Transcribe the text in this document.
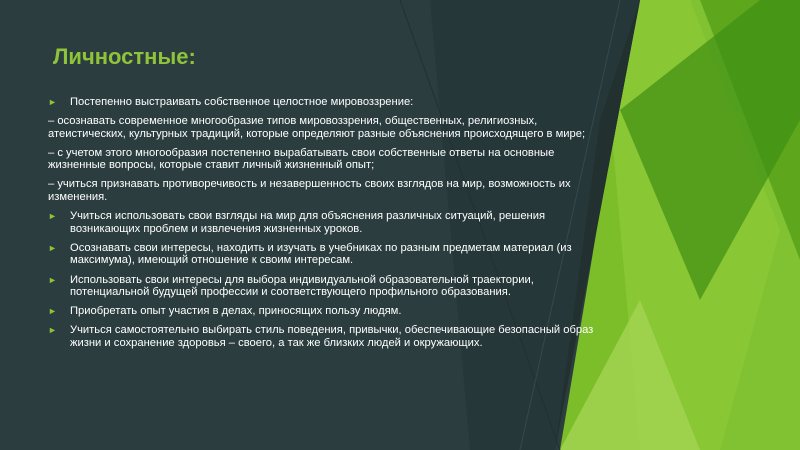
Личностные:
► Постепенно выстраивать собственное целостное мировоззрение:
– осознавать современное многообразие типов мировоззрения, общественных, религиозных, атеистических, культурных традиций, которые определяют разные объяснения происходящего в мире;
– с учетом этого многообразия постепенно вырабатывать свои собственные ответы на основные жизненные вопросы, которые ставит личный жизненный опыт;
– учиться признавать противоречивость и незавершенность своих взглядов на мир, возможность их изменения.
► Учиться использовать свои взгляды на мир для объяснения различных ситуаций, решения возникающих проблем и извлечения жизненных уроков.
► Осознавать свои интересы, находить и изучать в учебниках по разным предметам материал (из максимума), имеющий отношение к своим интересам.
► Использовать свои интересы для выбора индивидуальной образовательной траектории, потенциальной будущей профессии и соответствующего профильного образования.
► Приобретать опыт участия в делах, приносящих пользу людям.
► Учиться самостоятельно выбирать стиль поведения, привычки, обеспечивающие безопасный образ жизни и сохранение здоровья – своего, а так же близких людей и окружающих.
